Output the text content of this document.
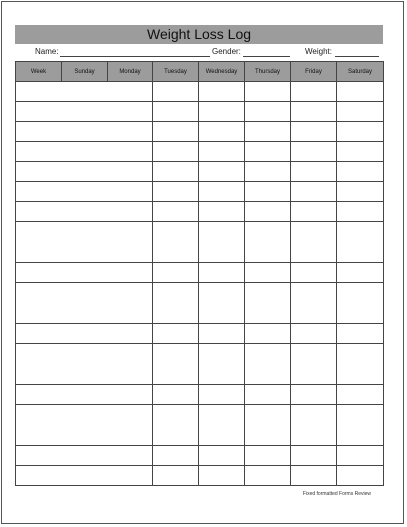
Weight Loss Log
Name:	Gender:	Weight:
Week	Sunday	Monday	Tuesday	Wednesday	Thursday	Friday	Saturday

Fixed formatted Forms Review
